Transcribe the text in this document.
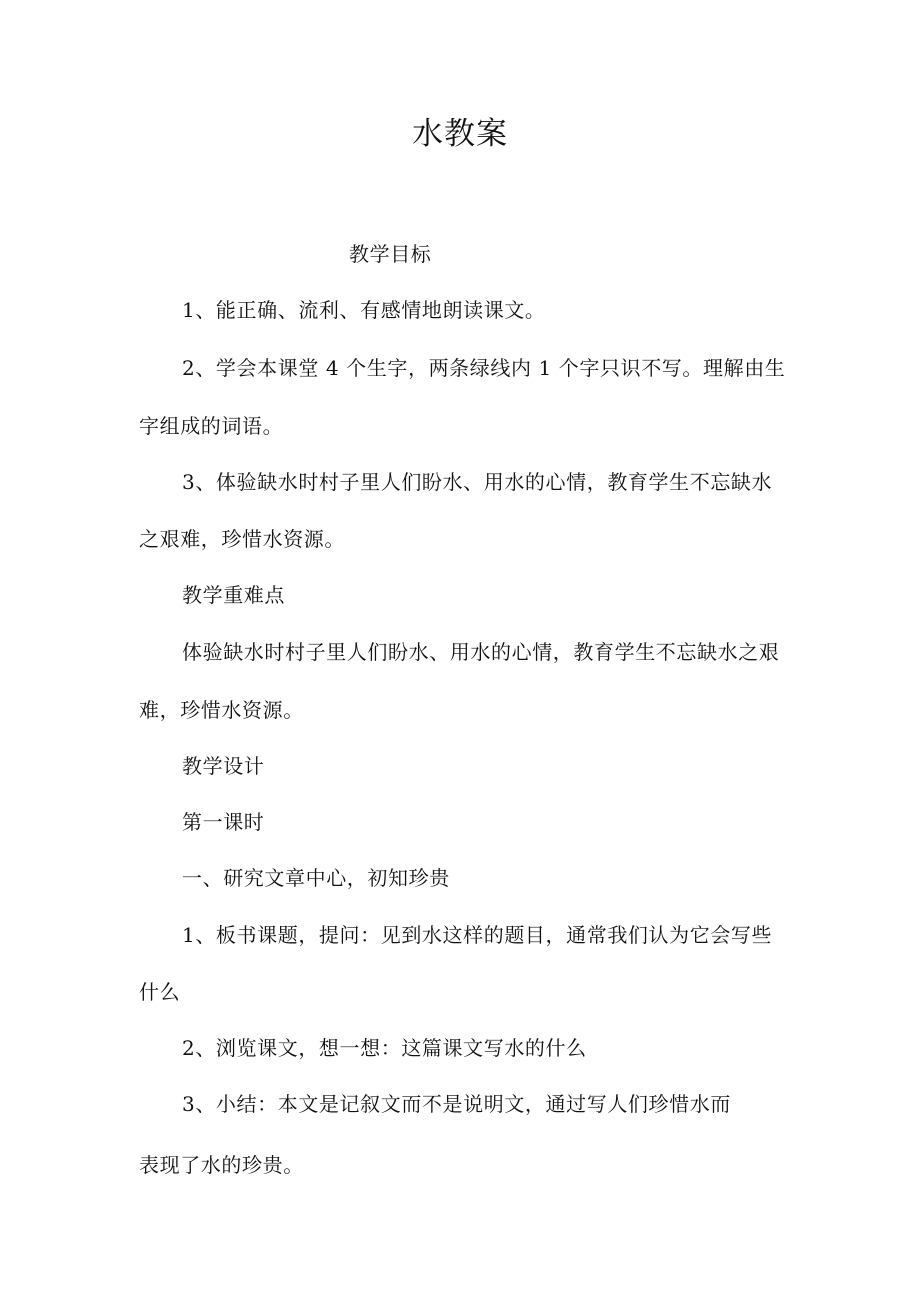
水教案
教学目标
1、能正确、流利、有感情地朗读课文。
2、学会本课堂 4 个生字，两条绿线内 1 个字只识不写。理解由生
字组成的词语。
3、体验缺水时村子里人们盼水、用水的心情，教育学生不忘缺水
之艰难，珍惜水资源。
教学重难点
体验缺水时村子里人们盼水、用水的心情，教育学生不忘缺水之艰
难，珍惜水资源。
教学设计
第一课时
一、研究文章中心，初知珍贵
1、板书课题，提问：见到水这样的题目，通常我们认为它会写些
什么
2、浏览课文，想一想：这篇课文写水的什么
3、小结：本文是记叙文而不是说明文，通过写人们珍惜水而
表现了水的珍贵。
